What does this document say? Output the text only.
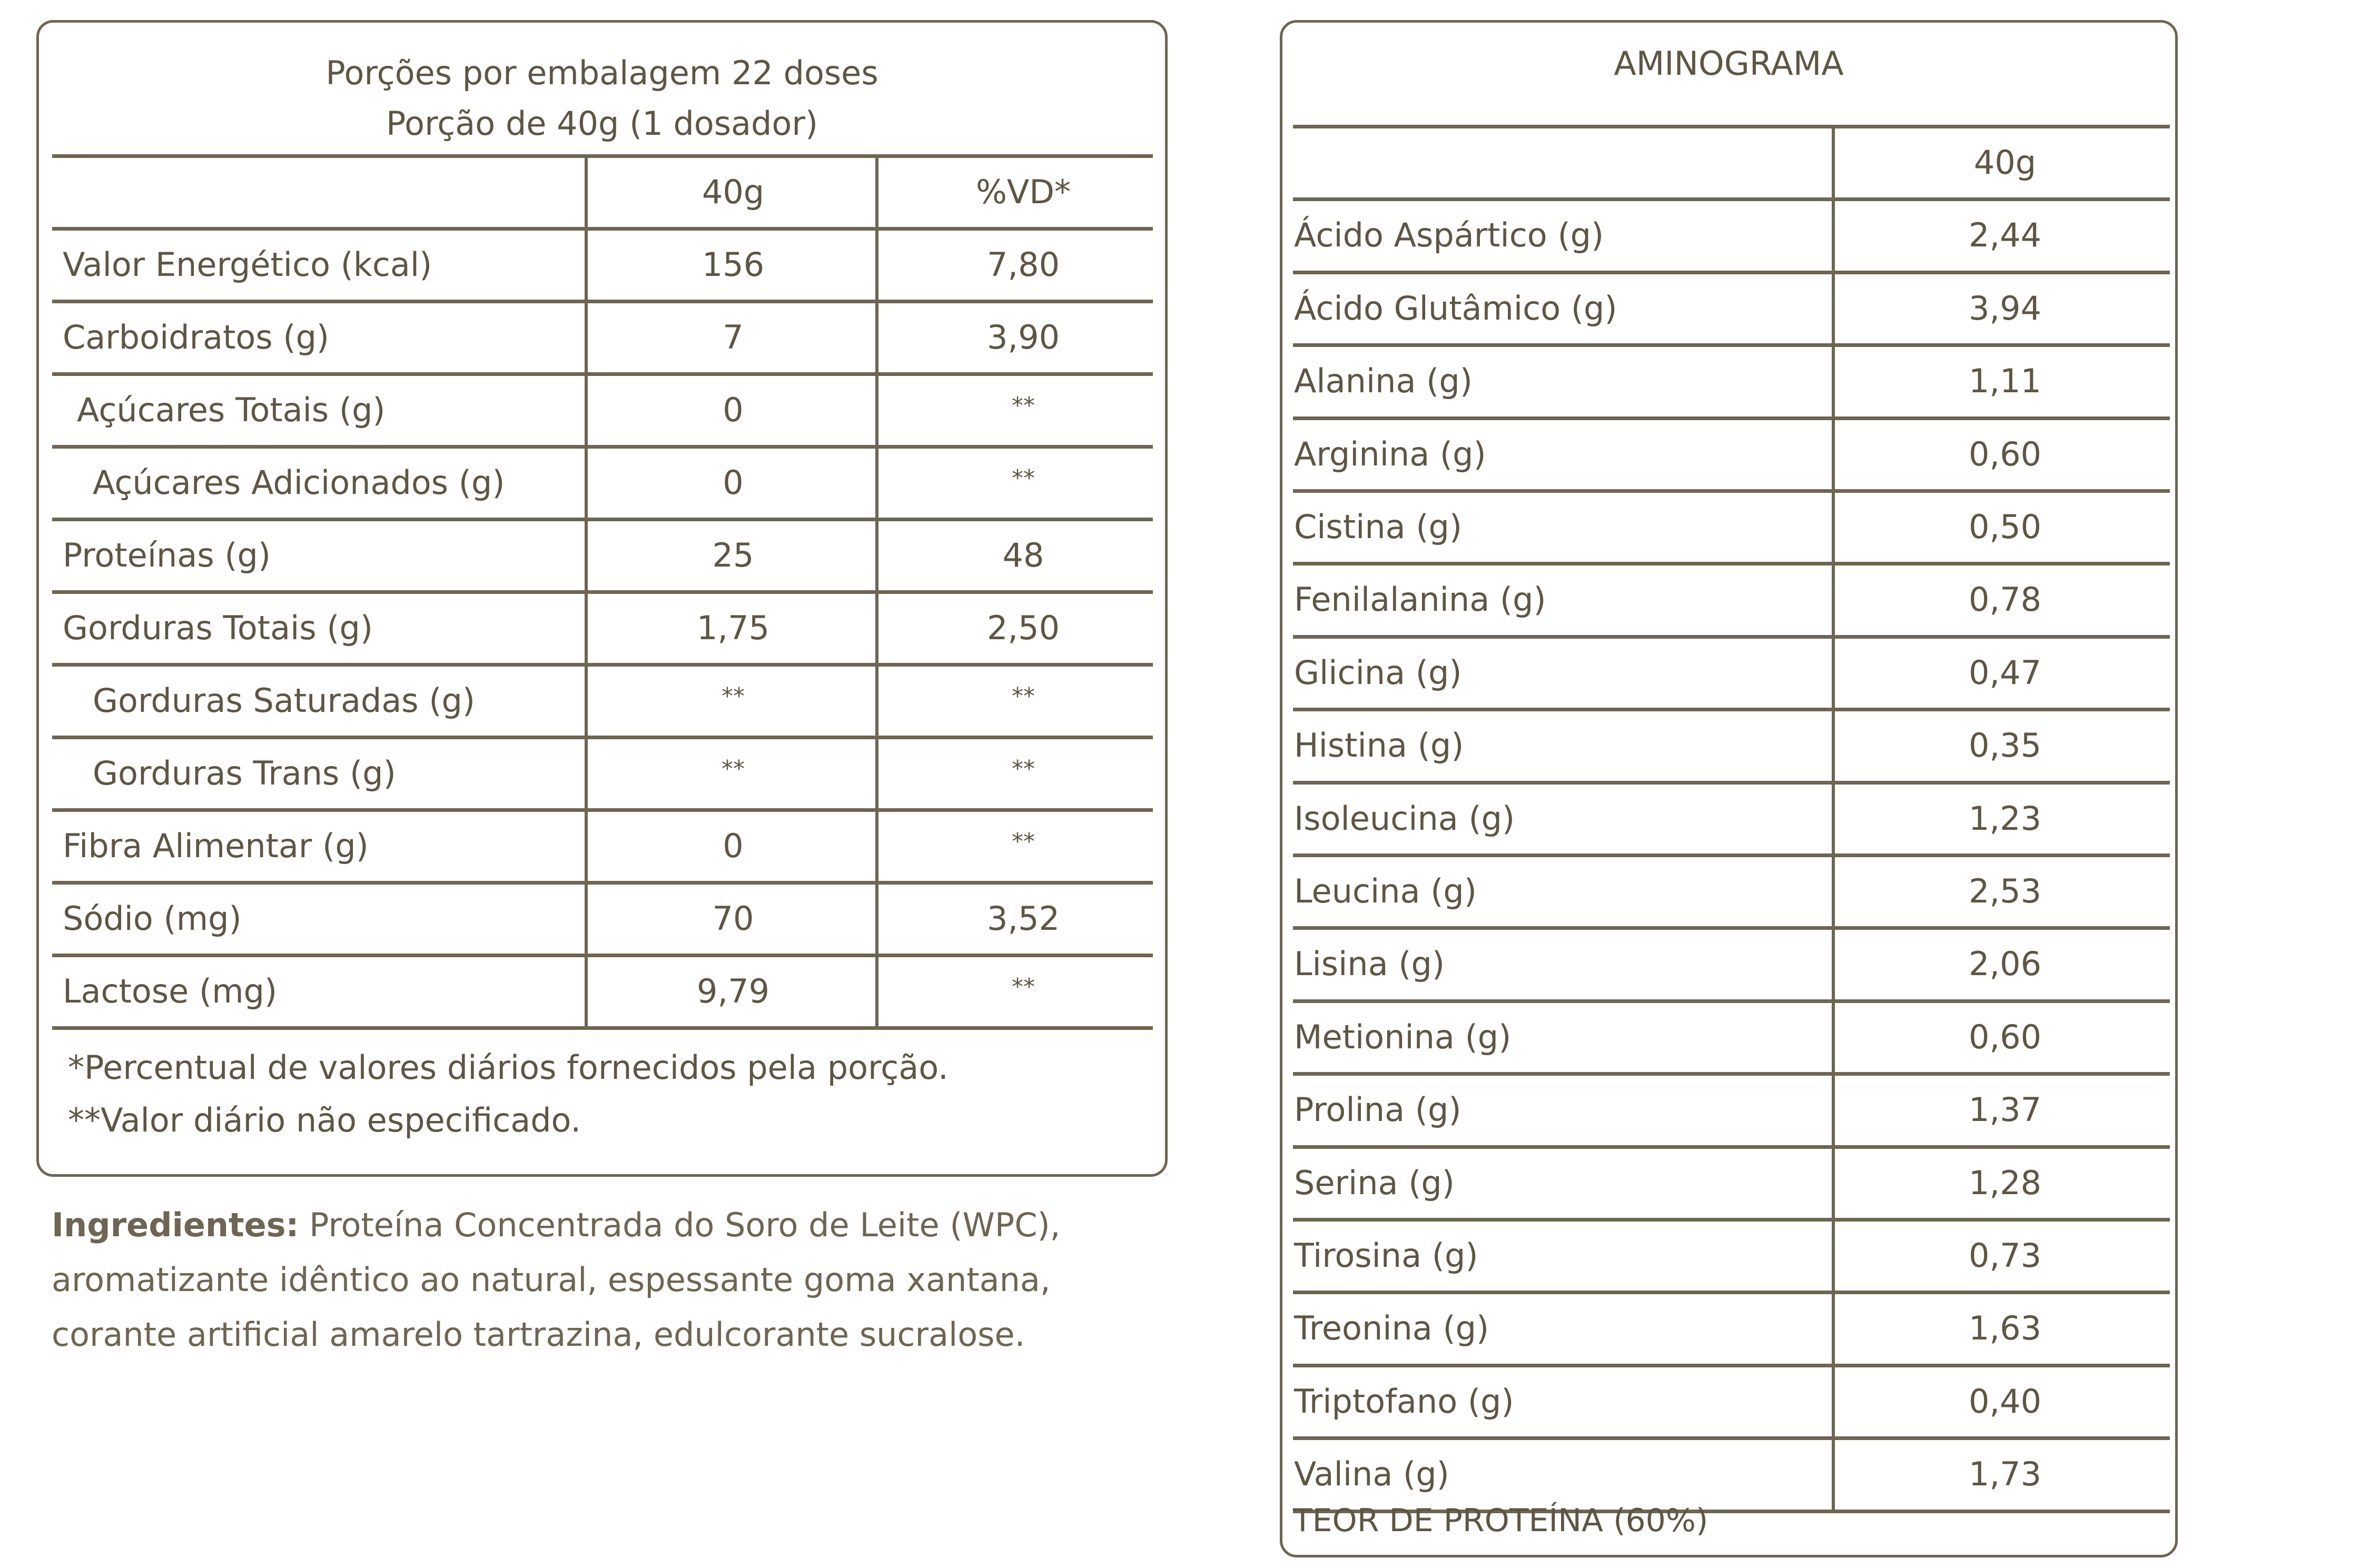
Porções por embalagem 22 doses
Porção de 40g (1 dosador)
40g	%VD*
Valor Energético (kcal)	156	7,80
Carboidratos (g)	7	3,90
Açúcares Totais (g)	0	**
Açúcares Adicionados (g)	0	**
Proteínas (g)	25	48
Gorduras Totais (g)	1,75	2,50
Gorduras Saturadas (g)	**	**
Gorduras Trans (g)	**	**
Fibra Alimentar (g)	0	**
Sódio (mg)	70	3,52
Lactose (mg)	9,79	**
*Percentual de valores diários fornecidos pela porção.
**Valor diário não especificado.
Ingredientes: Proteína Concentrada do Soro de Leite (WPC), aromatizante idêntico ao natural, espessante goma xantana, corante artificial amarelo tartrazina, edulcorante sucralose.
AMINOGRAMA
40g
Ácido Aspártico (g)	2,44
Ácido Glutâmico (g)	3,94
Alanina (g)	1,11
Arginina (g)	0,60
Cistina (g)	0,50
Fenilalanina (g)	0,78
Glicina (g)	0,47
Histina (g)	0,35
Isoleucina (g)	1,23
Leucina (g)	2,53
Lisina (g)	2,06
Metionina (g)	0,60
Prolina (g)	1,37
Serina (g)	1,28
Tirosina (g)	0,73
Treonina (g)	1,63
Triptofano (g)	0,40
Valina (g)	1,73
TEOR DE PROTEÍNA (60%)
